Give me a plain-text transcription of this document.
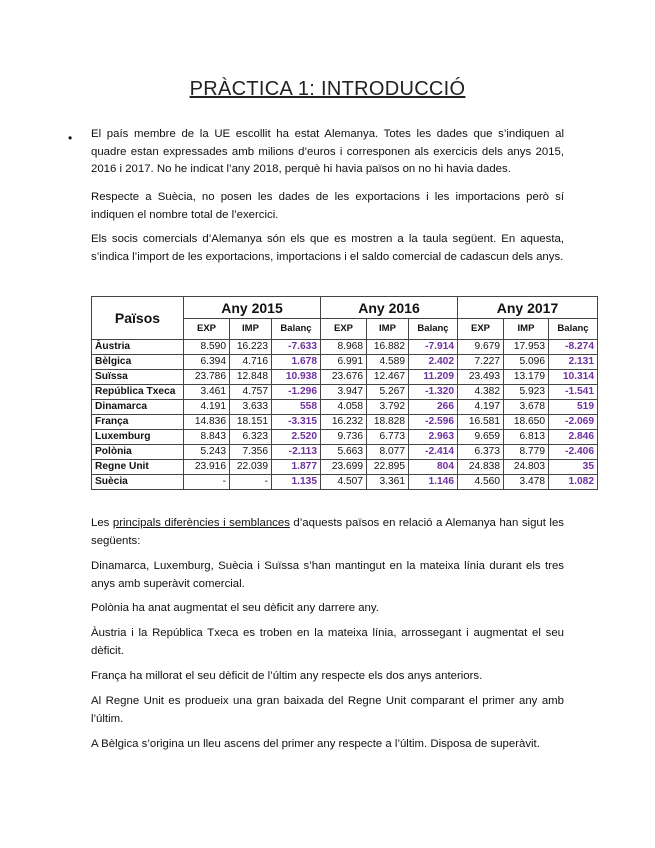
PRÀCTICA 1: INTRODUCCIÓ
• El país membre de la UE escollit ha estat Alemanya. Totes les dades que s’indiquen al quadre estan expressades amb milions d’euros i corresponen als exercicis dels anys 2015, 2016 i 2017. No he indicat l’any 2018, perquè hi havia països on no hi havia dades.

Respecte a Suècia, no posen les dades de les exportacions i les importacions però sí indiquen el nombre total de l’exercici.

Els socis comercials d’Alemanya són els que es mostren a la taula següent. En aquesta, s’indica l’import de les exportacions, importacions i el saldo comercial de cadascun dels anys.

Països	Any 2015			Any 2016			Any 2017		
	EXP	IMP	Balanç	EXP	IMP	Balanç	EXP	IMP	Balanç
Àustria	8.590	16.223	-7.633	8.968	16.882	-7.914	9.679	17.953	-8.274
Bèlgica	6.394	4.716	1.678	6.991	4.589	2.402	7.227	5.096	2.131
Suïssa	23.786	12.848	10.938	23.676	12.467	11.209	23.493	13.179	10.314
República Txeca	3.461	4.757	-1.296	3.947	5.267	-1.320	4.382	5.923	-1.541
Dinamarca	4.191	3.633	558	4.058	3.792	266	4.197	3.678	519
França	14.836	18.151	-3.315	16.232	18.828	-2.596	16.581	18.650	-2.069
Luxemburg	8.843	6.323	2.520	9.736	6.773	2.963	9.659	6.813	2.846
Polònia	5.243	7.356	-2.113	5.663	8.077	-2.414	6.373	8.779	-2.406
Regne Unit	23.916	22.039	1.877	23.699	22.895	804	24.838	24.803	35
Suècia	-	-	1.135	4.507	3.361	1.146	4.560	3.478	1.082

Les principals diferències i semblances d’aquests països en relació a Alemanya han sigut les següents:

Dinamarca, Luxemburg, Suècia i Suïssa s’han mantingut en la mateixa línia durant els tres anys amb superàvit comercial.

Polònia ha anat augmentat el seu dèficit any darrere any.

Àustria i la República Txeca es troben en la mateixa línia, arrossegant i augmentat el seu dèficit.

França ha millorat el seu dèficit de l’últim any respecte els dos anys anteriors.

Al Regne Unit es produeix una gran baixada del Regne Unit comparant el primer any amb l’últim.

A Bèlgica s’origina un lleu ascens del primer any respecte a l’últim. Disposa de superàvit.
